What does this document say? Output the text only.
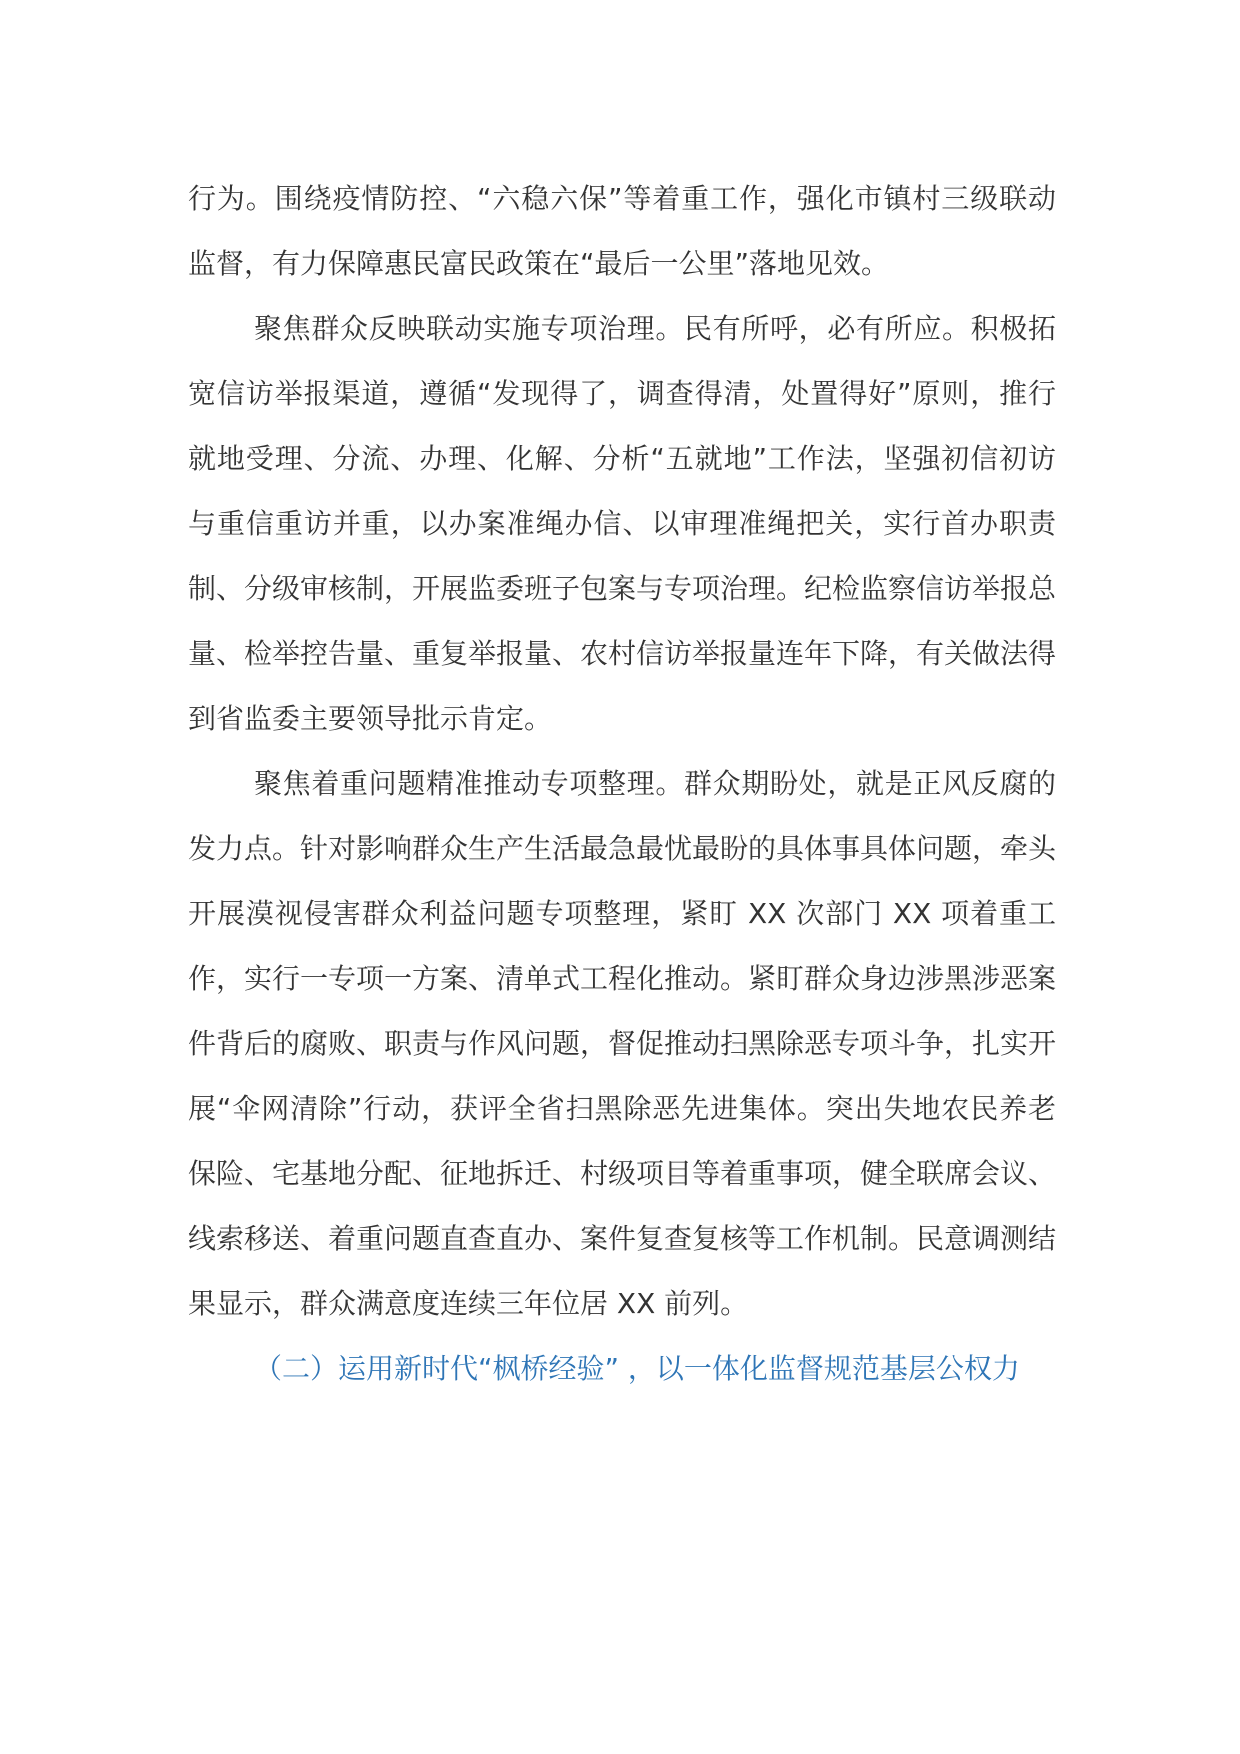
行为。围绕疫情防控、“六稳六保”等着重工作，强化市镇村三级联动监督，有力保障惠民富民政策在“最后一公里”落地见效。

聚焦群众反映联动实施专项治理。民有所呼，必有所应。积极拓宽信访举报渠道，遵循“发现得了，调查得清，处置得好”原则，推行就地受理、分流、办理、化解、分析“五就地”工作法，坚强初信初访与重信重访并重，以办案准绳办信、以审理准绳把关，实行首办职责制、分级审核制，开展监委班子包案与专项治理。纪检监察信访举报总量、检举控告量、重复举报量、农村信访举报量连年下降，有关做法得到省监委主要领导批示肯定。

聚焦着重问题精准推动专项整理。群众期盼处，就是正风反腐的发力点。针对影响群众生产生活最急最忧最盼的具体事具体问题，牵头开展漠视侵害群众利益问题专项整理，紧盯 XX 次部门 XX 项着重工作，实行一专项一方案、清单式工程化推动。紧盯群众身边涉黑涉恶案件背后的腐败、职责与作风问题，督促推动扫黑除恶专项斗争，扎实开展“伞网清除”行动，获评全省扫黑除恶先进集体。突出失地农民养老保险、宅基地分配、征地拆迁、村级项目等着重事项，健全联席会议、线索移送、着重问题直查直办、案件复查复核等工作机制。民意调测结果显示，群众满意度连续三年位居 XX 前列。

（二）运用新时代“枫桥经验” ，以一体化监督规范基层公权力
